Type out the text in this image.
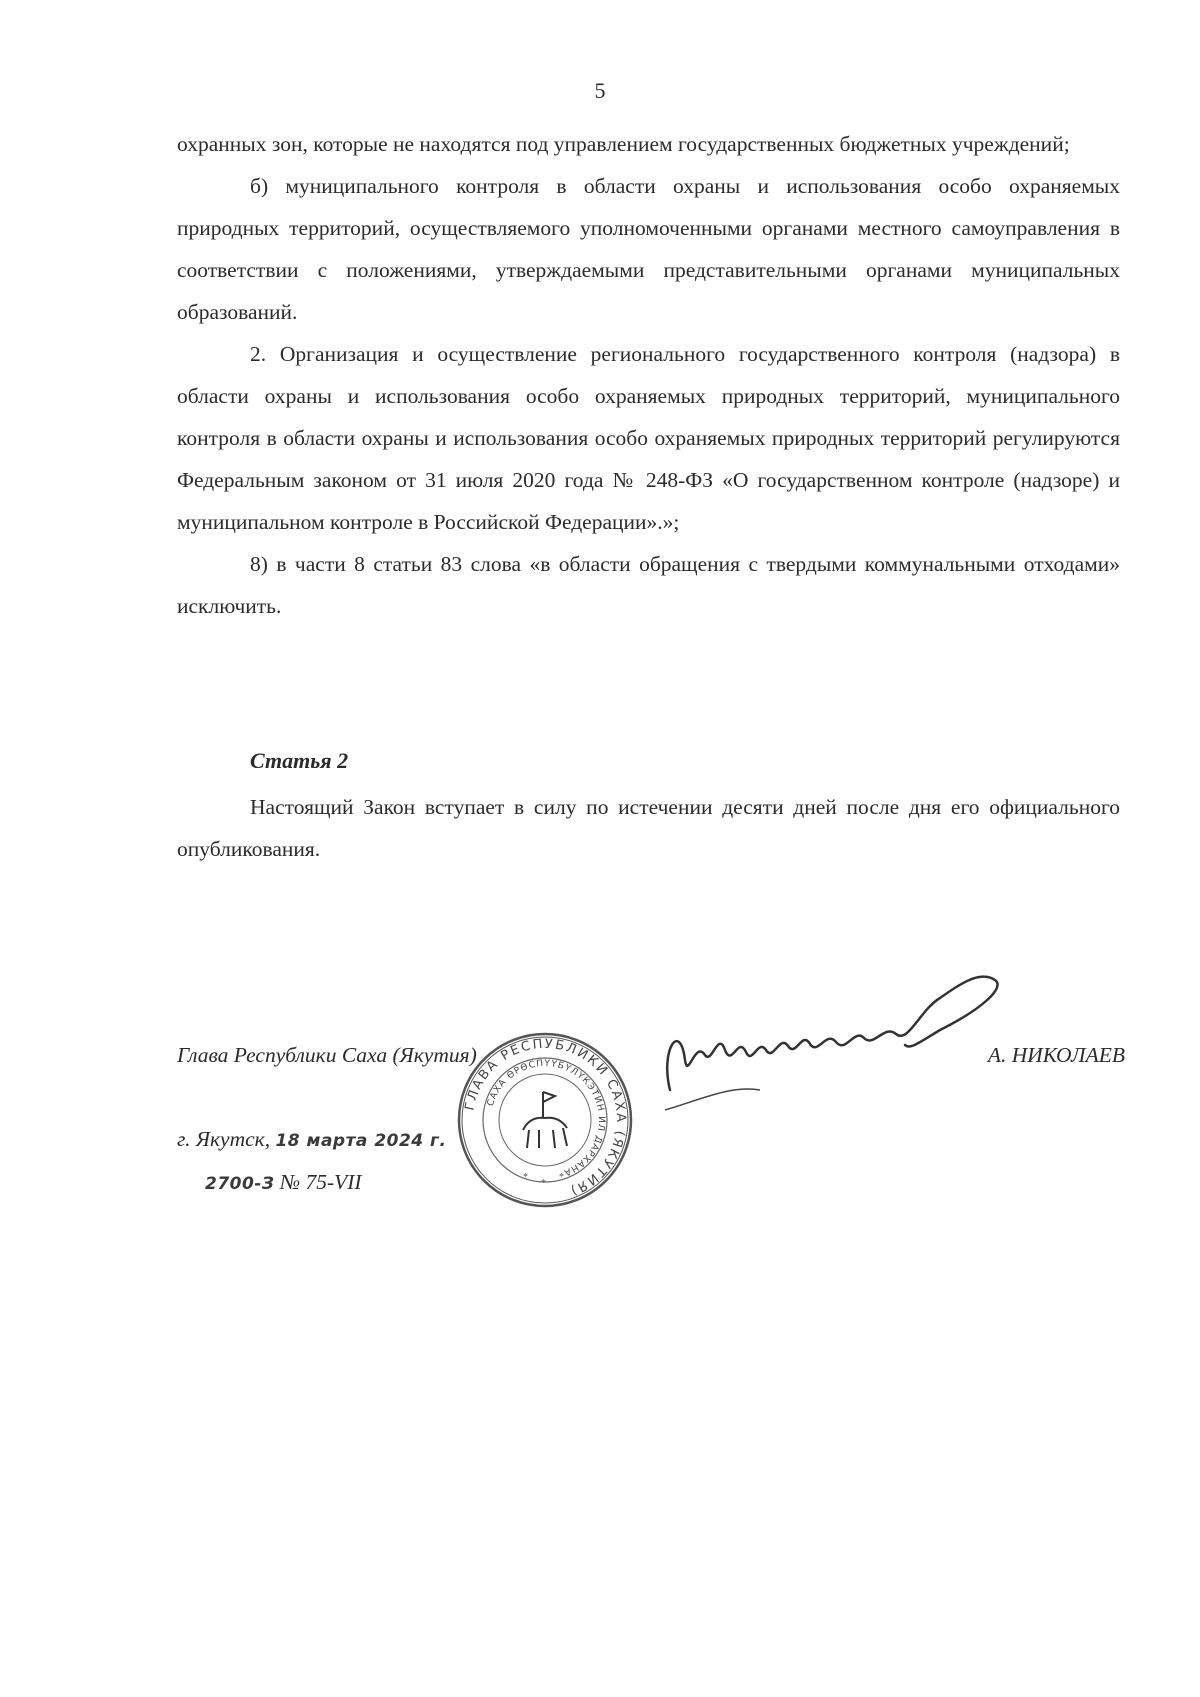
5

охранных зон, которые не находятся под управлением государственных бюджетных учреждений;

б) муниципального контроля в области охраны и использования особо охраняемых природных территорий, осуществляемого уполномоченными органами местного самоуправления в соответствии с положениями, утверждаемыми представительными органами муниципальных образований.

2. Организация и осуществление регионального государственного контроля (надзора) в области охраны и использования особо охраняемых природных территорий, муниципального контроля в области охраны и использования особо охраняемых природных территорий регулируются Федеральным законом от 31 июля 2020 года № 248-ФЗ «О государственном контроле (надзоре) и муниципальном контроле в Российской Федерации».»;

8) в части 8 статьи 83 слова «в области обращения с твердыми коммунальными отходами» исключить.

Статья 2

Настоящий Закон вступает в силу по истечении десяти дней после дня его официального опубликования.

Глава Республики Саха (Якутия)	А. НИКОЛАЕВ
г. Якутск, 18 марта 2024 г.
2700-З № 75-VII
ГЛАВА РЕСПУБЛИКИ САХА (ЯКУТИЯ)
САХА ӨРӨСПҮҮБҮЛҮКЭТИН ИЛ ДАРХАНА
*
*
*
